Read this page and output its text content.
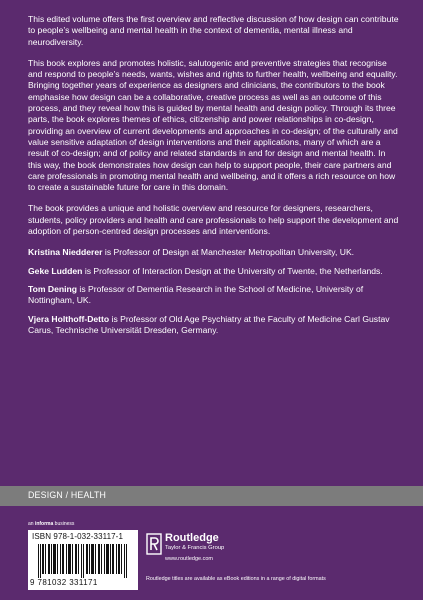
This edited volume offers the first overview and reflective discussion of how design can contribute to people’s wellbeing and mental health in the context of dementia, mental illness and neurodiversity.

This book explores and promotes holistic, salutogenic and preventive strategies that recognise and respond to people’s needs, wants, wishes and rights to further health, wellbeing and equality. Bringing together years of experience as designers and clinicians, the contributors to the book emphasise how design can be a collaborative, creative process as well as an outcome of this process, and they reveal how this is guided by mental health and design policy. Through its three parts, the book explores themes of ethics, citizenship and power relationships in co-design, providing an overview of current developments and approaches in co-design; of the culturally and value sensitive adaptation of design interventions and their applications, many of which are a result of co-design; and of policy and related standards in and for design and mental health. In this way, the book demonstrates how design can help to support people, their care partners and care professionals in promoting mental health and wellbeing, and it offers a rich resource on how to create a sustainable future for care in this domain.

The book provides a unique and holistic overview and resource for designers, researchers, students, policy providers and health and care professionals to help support the development and adoption of person-centred design processes and interventions.

Kristina Niedderer is Professor of Design at Manchester Metropolitan University, UK.
Geke Ludden is Professor of Interaction Design at the University of Twente, the Netherlands.
Tom Dening is Professor of Dementia Research in the School of Medicine, University of Nottingham, UK.
Vjera Holthoff-Detto is Professor of Old Age Psychiatry at the Faculty of Medicine Carl Gustav Carus, Technische Universität Dresden, Germany.
DESIGN / HEALTH
an informa business
ISBN 978-1-032-33117-1
9 781032 331171
Routledge
Taylor & Francis Group
www.routledge.com
Routledge titles are available as eBook editions in a range of digital formats
